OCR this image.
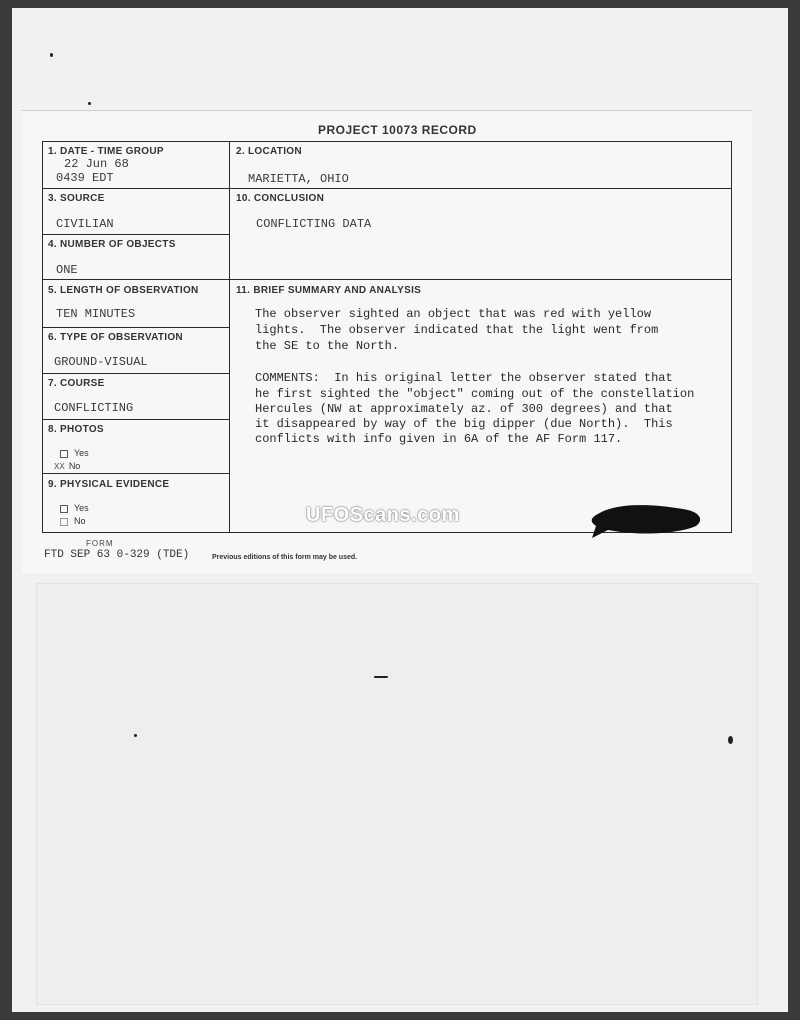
PROJECT 10073 RECORD
1. DATE - TIME GROUP
22 Jun 68
0439 EDT
2. LOCATION
MARIETTA, OHIO
3. SOURCE
CIVILIAN
10. CONCLUSION
CONFLICTING DATA
4. NUMBER OF OBJECTS
ONE
5. LENGTH OF OBSERVATION
TEN MINUTES
11. BRIEF SUMMARY AND ANALYSIS
The observer sighted an object that was red with yellow
lights.  The observer indicated that the light went from
the SE to the North.
COMMENTS:  In his original letter the observer stated that
he first sighted the "object" coming out of the constellation
Hercules (NW at approximately az. of 300 degrees) and that
it disappeared by way of the big dipper (due North).  This
conflicts with info given in 6A of the AF Form 117.
6. TYPE OF OBSERVATION
GROUND-VISUAL
7. COURSE
CONFLICTING
8. PHOTOS
Yes
XX No
9. PHYSICAL EVIDENCE
Yes
No
FORM
FTD SEP 63 0-329 (TDE)	Previous editions of this form may be used.
UFOScans.com
